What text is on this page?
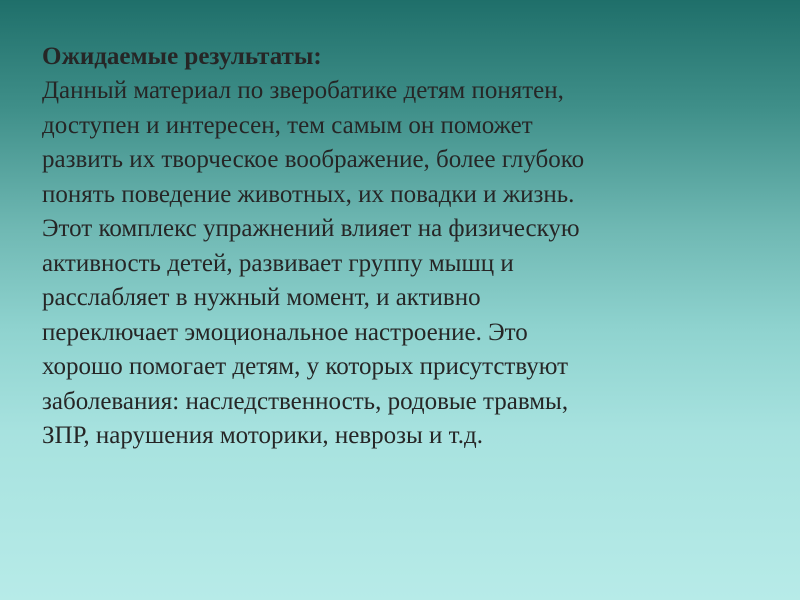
Ожидаемые результаты:

Данный материал по зверобатике детям понятен,

доступен и интересен, тем самым он поможет

развить их творческое воображение, более глубоко

понять поведение животных, их повадки и жизнь.

Этот комплекс упражнений влияет на физическую

активность детей, развивает группу мышц и

расслабляет в нужный момент, и активно

переключает эмоциональное настроение. Это

хорошо помогает детям, у которых присутствуют

заболевания: наследственность, родовые травмы,

ЗПР, нарушения моторики, неврозы и т.д.
